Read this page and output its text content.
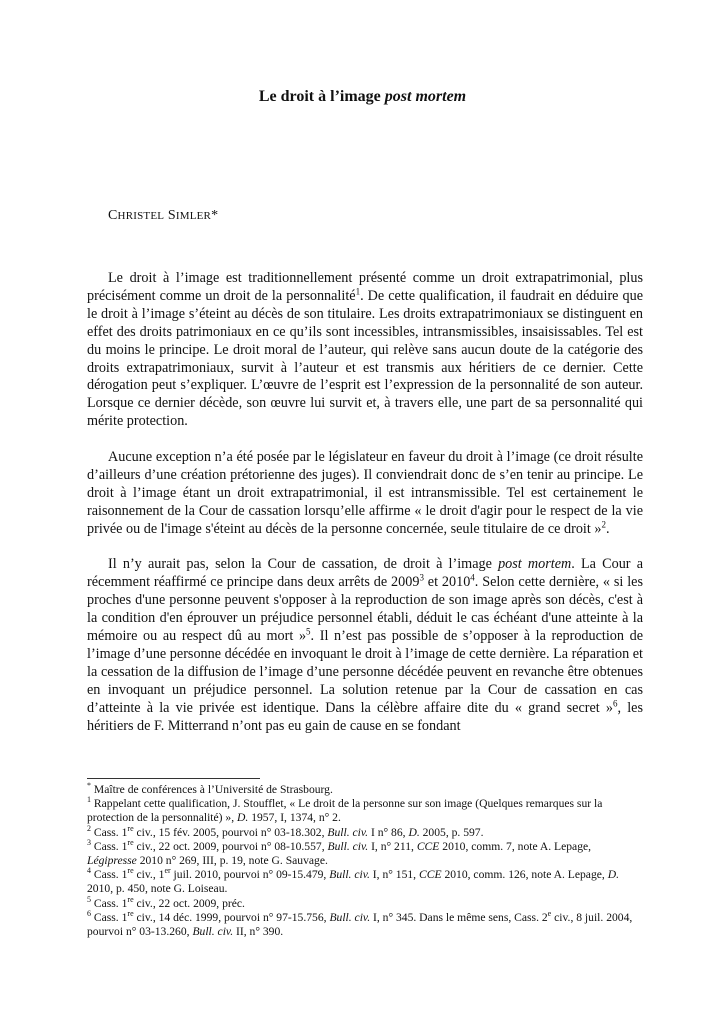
Le droit à l’image post mortem
CHRISTEL SIMLER*

Le droit à l’image est traditionnellement présenté comme un droit extrapatrimonial, plus précisément comme un droit de la personnalité$^1$. De cette qualification, il faudrait en déduire que le droit à l’image s’éteint au décès de son titulaire. Les droits extrapatrimoniaux se distinguent en effet des droits patrimoniaux en ce qu’ils sont incessibles, intransmissibles, insaisissables. Tel est du moins le principe. Le droit moral de l’auteur, qui relève sans aucun doute de la catégorie des droits extrapatrimoniaux, survit à l’auteur et est transmis aux héritiers de ce dernier. Cette dérogation peut s’expliquer. L’œuvre de l’esprit est l’expression de la personnalité de son auteur. Lorsque ce dernier décède, son œuvre lui survit et, à travers elle, une part de sa personnalité qui mérite protection.

Aucune exception n’a été posée par le législateur en faveur du droit à l’image (ce droit résulte d’ailleurs d’une création prétorienne des juges). Il conviendrait donc de s’en tenir au principe. Le droit à l’image étant un droit extrapatrimonial, il est intransmissible. Tel est certainement le raisonnement de la Cour de cassation lorsqu’elle affirme « le droit d'agir pour le respect de la vie privée ou de l'image s'éteint au décès de la personne concernée, seule titulaire de ce droit »$^2$.

Il n’y aurait pas, selon la Cour de cassation, de droit à l’image post mortem. La Cour a récemment réaffirmé ce principe dans deux arrêts de 2009$^3$ et 2010$^4$. Selon cette dernière, « si les proches d'une personne peuvent s'opposer à la reproduction de son image après son décès, c'est à la condition d'en éprouver un préjudice personnel établi, déduit le cas échéant d'une atteinte à la mémoire ou au respect dû au mort »$^5$. Il n’est pas possible de s’opposer à la reproduction de l’image d’une personne décédée en invoquant le droit à l’image de cette dernière. La réparation et la cessation de la diffusion de l’image d’une personne décédée peuvent en revanche être obtenues en invoquant un préjudice personnel. La solution retenue par la Cour de cassation en cas d’atteinte à la vie privée est identique. Dans la célèbre affaire dite du « grand secret »$^6$, les héritiers de F. Mitterrand n’ont pas eu gain de cause en se fondant

* Maître de conférences à l’Université de Strasbourg.
$^1$ Rappelant cette qualification, J. Stoufflet, « Le droit de la personne sur son image (Quelques remarques sur la protection de la personnalité) », D. 1957, I, 1374, n° 2.
$^2$ Cass. 1re civ., 15 fév. 2005, pourvoi n° 03-18.302, Bull. civ. I n° 86, D. 2005, p. 597.
$^3$ Cass. 1re civ., 22 oct. 2009, pourvoi n° 08-10.557, Bull. civ. I, n° 211, CCE 2010, comm. 7, note A. Lepage, Légipresse 2010 n° 269, III, p. 19, note G. Sauvage.
$^4$ Cass. 1re civ., 1er juil. 2010, pourvoi n° 09-15.479, Bull. civ. I, n° 151, CCE 2010, comm. 126, note A. Lepage, D. 2010, p. 450, note G. Loiseau.
$^5$ Cass. 1re civ., 22 oct. 2009, préc.
$^6$ Cass. 1re civ., 14 déc. 1999, pourvoi n° 97-15.756, Bull. civ. I, n° 345. Dans le même sens, Cass. 2e civ., 8 juil. 2004, pourvoi n° 03-13.260, Bull. civ. II, n° 390.
